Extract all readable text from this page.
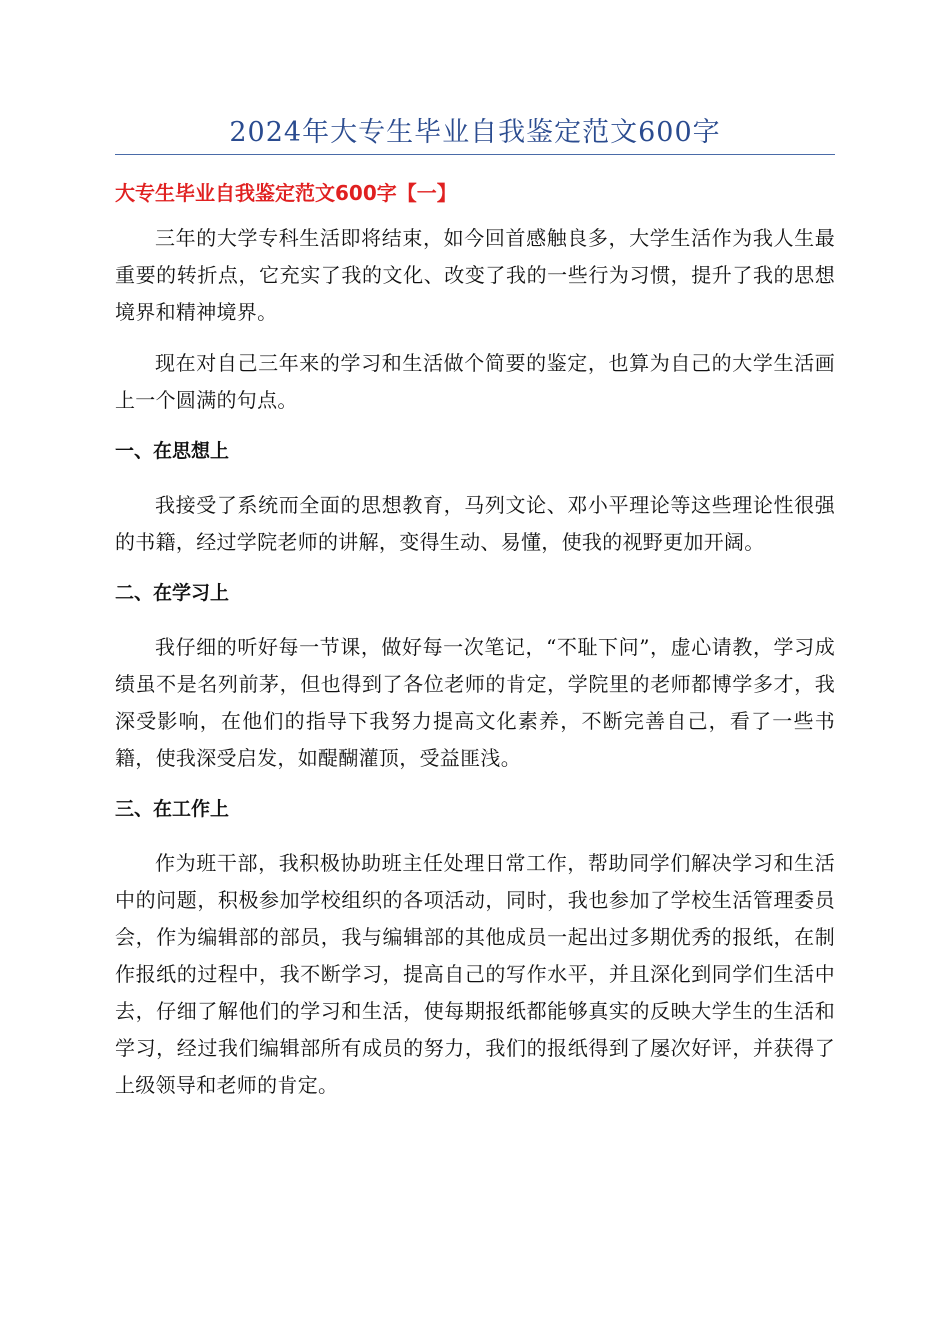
2024年大专生毕业自我鉴定范文600字
大专生毕业自我鉴定范文600字【一】

三年的大学专科生活即将结束，如今回首感触良多，大学生活作为我人生最重要的转折点，它充实了我的文化、改变了我的一些行为习惯，提升了我的思想境界和精神境界。

现在对自己三年来的学习和生活做个简要的鉴定，也算为自己的大学生活画上一个圆满的句点。

一、在思想上

我接受了系统而全面的思想教育，马列文论、邓小平理论等这些理论性很强的书籍，经过学院老师的讲解，变得生动、易懂，使我的视野更加开阔。

二、在学习上

我仔细的听好每一节课，做好每一次笔记，“不耻下问”，虚心请教，学习成绩虽不是名列前茅，但也得到了各位老师的肯定，学院里的老师都博学多才，我深受影响，在他们的指导下我努力提高文化素养，不断完善自己，看了一些书籍，使我深受启发，如醍醐灌顶，受益匪浅。

三、在工作上

作为班干部，我积极协助班主任处理日常工作，帮助同学们解决学习和生活中的问题，积极参加学校组织的各项活动，同时，我也参加了学校生活管理委员会，作为编辑部的部员，我与编辑部的其他成员一起出过多期优秀的报纸，在制作报纸的过程中，我不断学习，提高自己的写作水平，并且深化到同学们生活中去，仔细了解他们的学习和生活，使每期报纸都能够真实的反映大学生的生活和学习，经过我们编辑部所有成员的努力，我们的报纸得到了屡次好评，并获得了上级领导和老师的肯定。
